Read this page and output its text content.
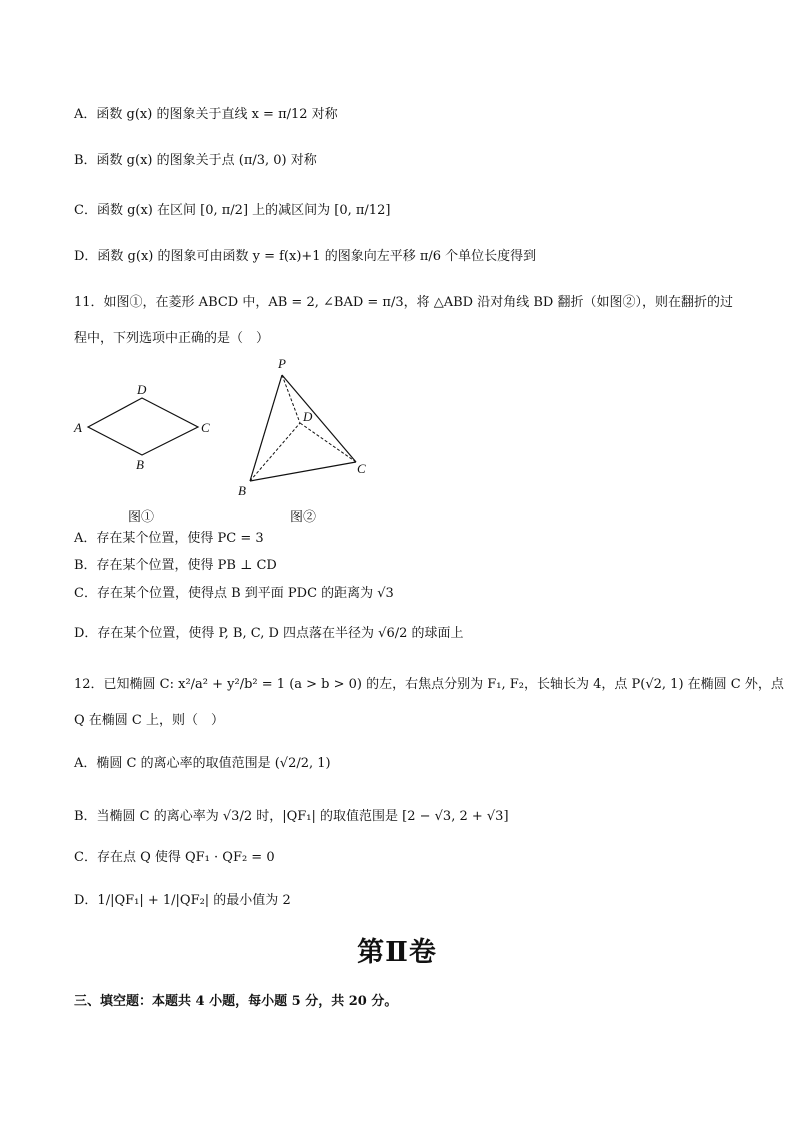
A．函数 g(x) 的图象关于直线 x = π/12 对称
B．函数 g(x) 的图象关于点 (π/3, 0) 对称
C．函数 g(x) 在区间 [0, π/2] 上的减区间为 [0, π/12]
D．函数 g(x) 的图象可由函数 y = f(x)+1 的图象向左平移 π/6 个单位长度得到
11．如图①，在菱形 ABCD 中，AB = 2, ∠BAD = π/3，将 △ABD 沿对角线 BD 翻折（如图②），则在翻折的过
程中，下列选项中正确的是（　）
A
D
C
B
图①
P
D
C
B
图②
A．存在某个位置，使得 PC = 3
B．存在某个位置，使得 PB ⊥ CD
C．存在某个位置，使得点 B 到平面 PDC 的距离为 √3
D．存在某个位置，使得 P, B, C, D 四点落在半径为 √6/2 的球面上
12．已知椭圆 C: x²/a² + y²/b² = 1 (a > b > 0) 的左，右焦点分别为 F₁, F₂，长轴长为 4，点 P(√2, 1) 在椭圆 C 外，点
Q 在椭圆 C 上，则（　）
A．椭圆 C 的离心率的取值范围是 (√2/2, 1)
B．当椭圆 C 的离心率为 √3/2 时，|QF₁| 的取值范围是 [2 − √3, 2 + √3]
C．存在点 Q 使得 QF₁ · QF₂ = 0
D．1/|QF₁| + 1/|QF₂| 的最小值为 2
第Ⅱ卷
三、填空题：本题共 4 小题，每小题 5 分，共 20 分。
